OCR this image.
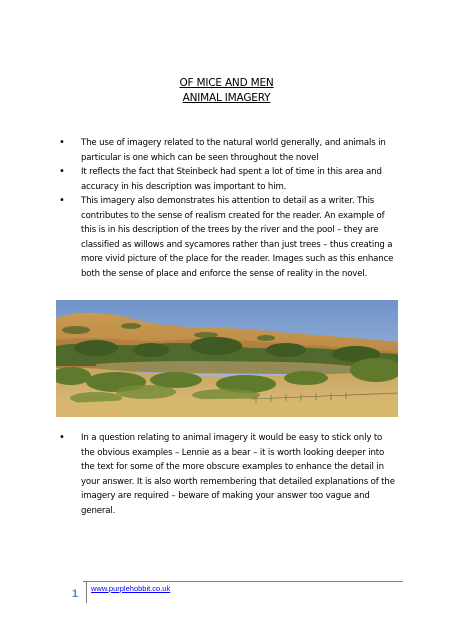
OF MICE AND MEN
ANIMAL IMAGERY
• The use of imagery related to the natural world generally, and animals in particular is one which can be seen throughout the novel
• It reflects the fact that Steinbeck had spent a lot of time in this area and accuracy in his description was important to him.
• This imagery also demonstrates his attention to detail as a writer. This contributes to the sense of realism created for the reader. An example of this is in his description of the trees by the river and the pool – they are classified as willows and sycamores rather than just trees – thus creating a more vivid picture of the place for the reader. Images such as this enhance both the sense of place and enforce the sense of reality in the novel.
• In a question relating to animal imagery it would be easy to stick only to the obvious examples – Lennie as a bear – it is worth looking deeper into the text for some of the more obscure examples to enhance the detail in your answer. It is also worth remembering that detailed explanations of the imagery are required – beware of making your answer too vague and general.
1 www.purplehobbit.co.uk
